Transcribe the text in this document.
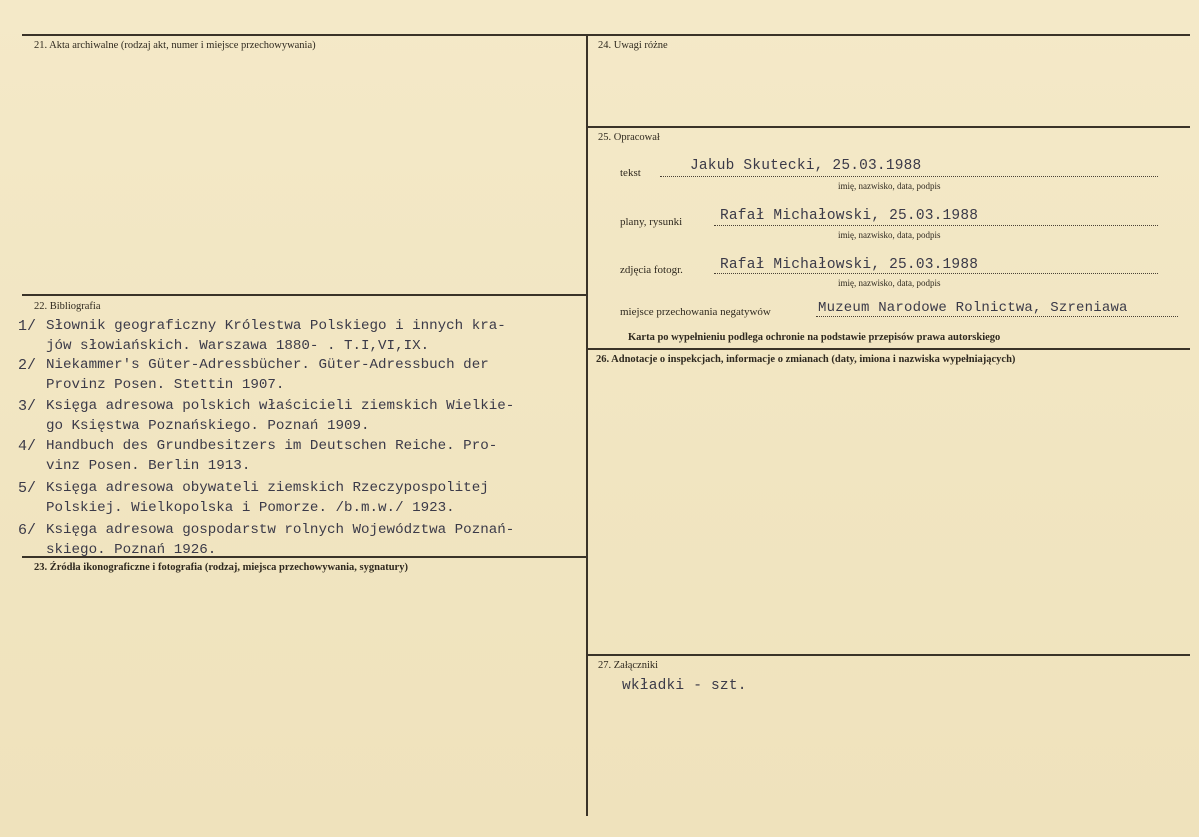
21. Akta archiwalne (rodzaj akt, numer i miejsce przechowywania)	24. Uwagi różne
25. Opracował
22. Bibliografia
26. Adnotacje o inspekcjach, informacje o zmianach (daty, imiona i nazwiska wypełniających)
23. Źródła ikonograficzne i fotografia (rodzaj, miejsca przechowywania, sygnatury)
27. Załączniki
tekst	Jakub Skutecki, 25.03.1988
imię, nazwisko, data, podpis
plany, rysunki	Rafał Michałowski, 25.03.1988
imię, nazwisko, data, podpis
zdjęcia fotogr.	Rafał Michałowski, 25.03.1988
imię, nazwisko, data, podpis
miejsce przechowania negatywów	Muzeum Narodowe Rolnictwa, Szreniawa
Karta po wypełnieniu podlega ochronie na podstawie przepisów prawa autorskiego
1/ Słownik geograficzny Królestwa Polskiego i innych kra-
jów słowiańskich. Warszawa 1880- . T.I,VI,IX.
2/ Niekammer's Güter-Adressbücher. Güter-Adressbuch der
Provinz Posen. Stettin 1907.
3/ Księga adresowa polskich właścicieli ziemskich Wielkie-
go Księstwa Poznańskiego. Poznań 1909.
4/ Handbuch des Grundbesitzers im Deutschen Reiche. Pro-
vinz Posen. Berlin 1913.
5/ Księga adresowa obywateli ziemskich Rzeczypospolitej
Polskiej. Wielkopolska i Pomorze. /b.m.w./ 1923.
6/ Księga adresowa gospodarstw rolnych Województwa Poznań-
skiego. Poznań 1926.
wkładki - szt.
